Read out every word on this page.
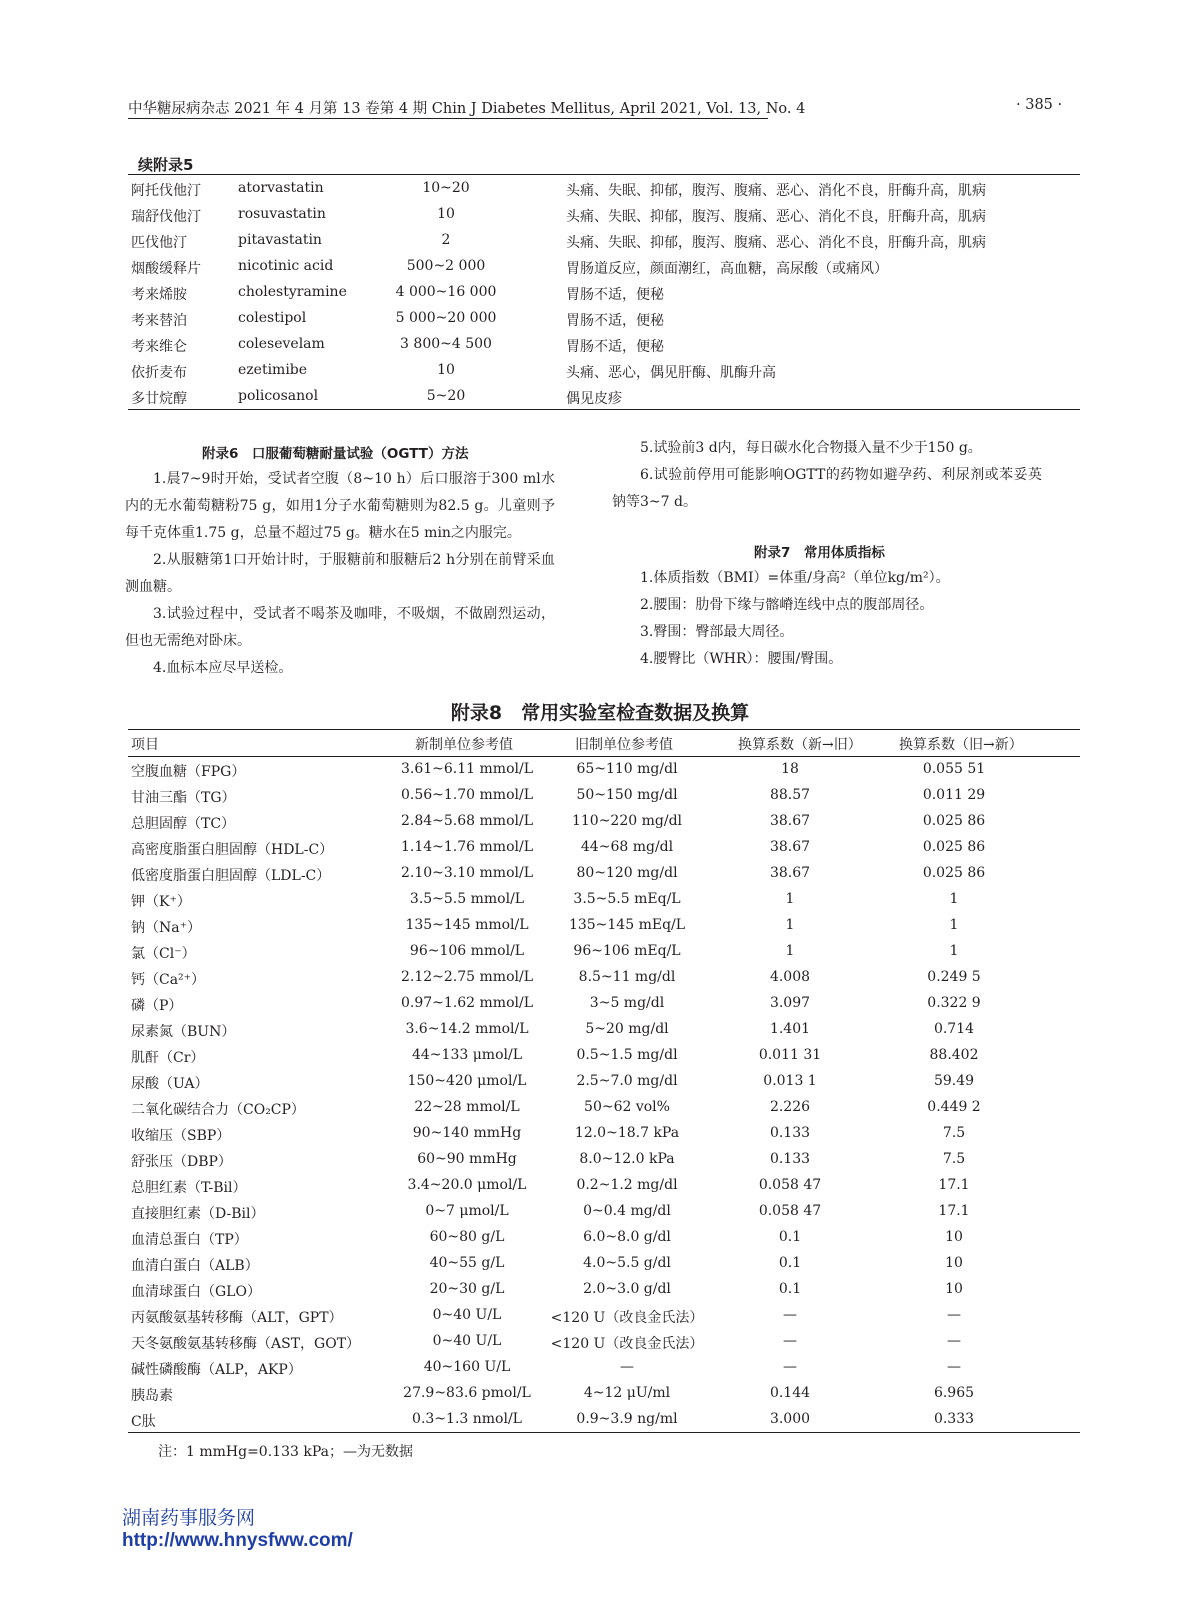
中华糖尿病杂志 2021 年 4 月第 13 卷第 4 期 Chin J Diabetes Mellitus, April 2021, Vol. 13, No. 4	· 385 ·
续附录5
阿托伐他汀	atorvastatin	10~20	头痛、失眠、抑郁，腹泻、腹痛、恶心、消化不良，肝酶升高，肌病
瑞舒伐他汀	rosuvastatin	10	头痛、失眠、抑郁，腹泻、腹痛、恶心、消化不良，肝酶升高，肌病
匹伐他汀	pitavastatin	2	头痛、失眠、抑郁，腹泻、腹痛、恶心、消化不良，肝酶升高，肌病
烟酸缓释片	nicotinic acid	500~2 000	胃肠道反应，颜面潮红，高血糖，高尿酸（或痛风）
考来烯胺	cholestyramine	4 000~16 000	胃肠不适，便秘
考来替泊	colestipol	5 000~20 000	胃肠不适，便秘
考来维仑	colesevelam	3 800~4 500	胃肠不适，便秘
依折麦布	ezetimibe	10	头痛、恶心，偶见肝酶、肌酶升高
多廿烷醇	policosanol	5~20	偶见皮疹
附录6　口服葡萄糖耐量试验（OGTT）方法

1.晨7~9时开始，受试者空腹（8~10 h）后口服溶于300 ml水内的无水葡萄糖粉75 g，如用1分子水葡萄糖则为82.5 g。儿童则予每千克体重1.75 g，总量不超过75 g。糖水在5 min之内服完。

2.从服糖第1口开始计时，于服糖前和服糖后2 h分别在前臂采血测血糖。

3.试验过程中，受试者不喝茶及咖啡，不吸烟，不做剧烈运动，但也无需绝对卧床。

4.血标本应尽早送检。

5.试验前3 d内，每日碳水化合物摄入量不少于150 g。

6.试验前停用可能影响OGTT的药物如避孕药、利尿剂或苯妥英钠等3~7 d。

附录7　常用体质指标

1.体质指数（BMI）=体重/身高²（单位kg/m²）。

2.腰围：肋骨下缘与髂嵴连线中点的腹部周径。

3.臀围：臀部最大周径。

4.腰臀比（WHR）：腰围/臀围。

附录8　常用实验室检查数据及换算
项目	新制单位参考值	旧制单位参考值	换算系数（新→旧）	换算系数（旧→新）
空腹血糖（FPG）	3.61~6.11 mmol/L	65~110 mg/dl	18	0.055 51
甘油三酯（TG）	0.56~1.70 mmol/L	50~150 mg/dl	88.57	0.011 29
总胆固醇（TC）	2.84~5.68 mmol/L	110~220 mg/dl	38.67	0.025 86
高密度脂蛋白胆固醇（HDL-C）	1.14~1.76 mmol/L	44~68 mg/dl	38.67	0.025 86
低密度脂蛋白胆固醇（LDL-C）	2.10~3.10 mmol/L	80~120 mg/dl	38.67	0.025 86
钾（K⁺）	3.5~5.5 mmol/L	3.5~5.5 mEq/L	1	1
钠（Na⁺）	135~145 mmol/L	135~145 mEq/L	1	1
氯（Cl⁻）	96~106 mmol/L	96~106 mEq/L	1	1
钙（Ca²⁺）	2.12~2.75 mmol/L	8.5~11 mg/dl	4.008	0.249 5
磷（P）	0.97~1.62 mmol/L	3~5 mg/dl	3.097	0.322 9
尿素氮（BUN）	3.6~14.2 mmol/L	5~20 mg/dl	1.401	0.714
肌酐（Cr）	44~133 μmol/L	0.5~1.5 mg/dl	0.011 31	88.402
尿酸（UA）	150~420 μmol/L	2.5~7.0 mg/dl	0.013 1	59.49
二氧化碳结合力（CO₂CP）	22~28 mmol/L	50~62 vol%	2.226	0.449 2
收缩压（SBP）	90~140 mmHg	12.0~18.7 kPa	0.133	7.5
舒张压（DBP）	60~90 mmHg	8.0~12.0 kPa	0.133	7.5
总胆红素（T-Bil）	3.4~20.0 μmol/L	0.2~1.2 mg/dl	0.058 47	17.1
直接胆红素（D-Bil）	0~7 μmol/L	0~0.4 mg/dl	0.058 47	17.1
血清总蛋白（TP）	60~80 g/L	6.0~8.0 g/dl	0.1	10
血清白蛋白（ALB）	40~55 g/L	4.0~5.5 g/dl	0.1	10
血清球蛋白（GLO）	20~30 g/L	2.0~3.0 g/dl	0.1	10
丙氨酸氨基转移酶（ALT，GPT）	0~40 U/L	<120 U（改良金氏法）	—	—
天冬氨酸氨基转移酶（AST，GOT）	0~40 U/L	<120 U（改良金氏法）	—	—
碱性磷酸酶（ALP，AKP）	40~160 U/L	—	—	—
胰岛素	27.9~83.6 pmol/L	4~12 μU/ml	0.144	6.965
C肽	0.3~1.3 nmol/L	0.9~3.9 ng/ml	3.000	0.333
注：1 mmHg=0.133 kPa；—为无数据
湖南药事服务网
http://www.hnysfww.com/
